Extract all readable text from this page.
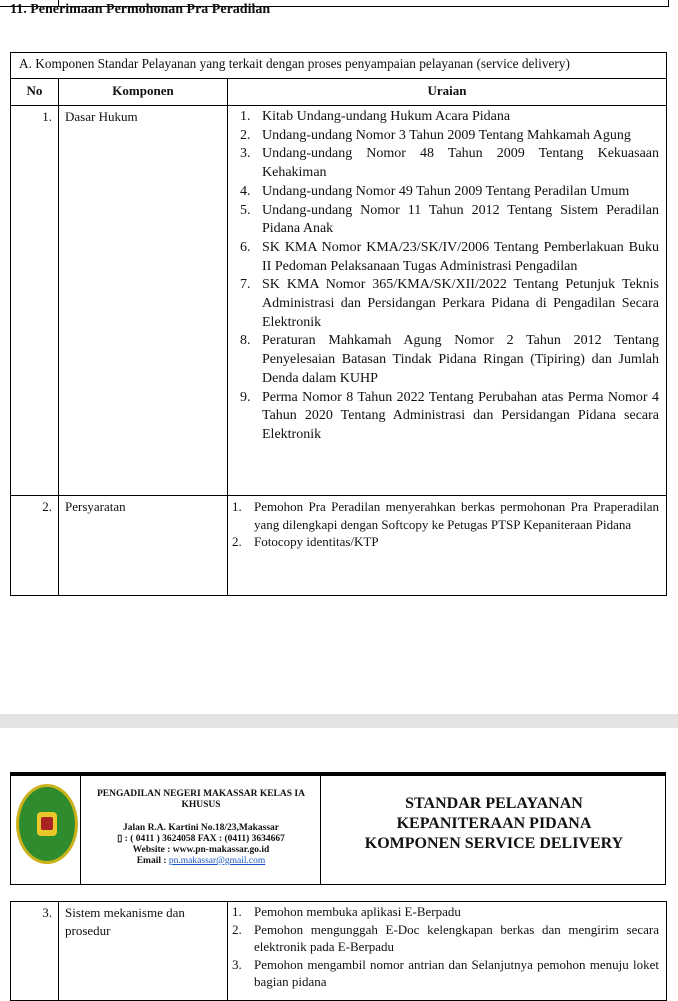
11. Penerimaan Permohonan Pra Peradilan
A. Komponen Standar Pelayanan yang terkait dengan proses penyampaian pelayanan (service delivery)
No	Komponen	Uraian
1.	Dasar Hukum	1. Kitab Undang-undang Hukum Acara Pidana
2. Undang-undang Nomor 3 Tahun 2009 Tentang Mahkamah Agung
3. Undang-undang Nomor 48 Tahun 2009 Tentang Kekuasaan Kehakiman
4. Undang-undang Nomor 49 Tahun 2009 Tentang Peradilan Umum
5. Undang-undang Nomor 11 Tahun 2012 Tentang Sistem Peradilan Pidana Anak
6. SK KMA Nomor KMA/23/SK/IV/2006 Tentang Pemberlakuan Buku II Pedoman Pelaksanaan Tugas Administrasi Pengadilan
7. SK KMA Nomor 365/KMA/SK/XII/2022 Tentang Petunjuk Teknis Administrasi dan Persidangan Perkara Pidana di Pengadilan Secara Elektronik
8. Peraturan Mahkamah Agung Nomor 2 Tahun 2012 Tentang Penyelesaian Batasan Tindak Pidana Ringan (Tipiring) dan Jumlah Denda dalam KUHP
9. Perma Nomor 8 Tahun 2022 Tentang Perubahan atas Perma Nomor 4 Tahun 2020 Tentang Administrasi dan Persidangan Pidana secara Elektronik
2.	Persyaratan	1. Pemohon Pra Peradilan menyerahkan berkas permohonan Pra Praperadilan yang dilengkapi dengan Softcopy ke Petugas PTSP Kepaniteraan Pidana
2. Fotocopy identitas/KTP
PENGADILAN NEGERI MAKASSAR KELAS IA KHUSUS
Jalan R.A. Kartini No.18/23,Makassar
▯ : ( 0411 ) 3624058 FAX : (0411) 3634667
Website : www.pn-makassar.go.id
Email : pn.makassar@gmail.com
STANDAR PELAYANAN
KEPANITERAAN PIDANA
KOMPONEN SERVICE DELIVERY
3.	Sistem mekanisme dan prosedur
1. Pemohon membuka aplikasi E-Berpadu
2. Pemohon mengunggah E-Doc kelengkapan berkas dan mengirim secara elektronik pada E-Berpadu
3. Pemohon mengambil nomor antrian dan Selanjutnya pemohon menuju loket bagian pidana
